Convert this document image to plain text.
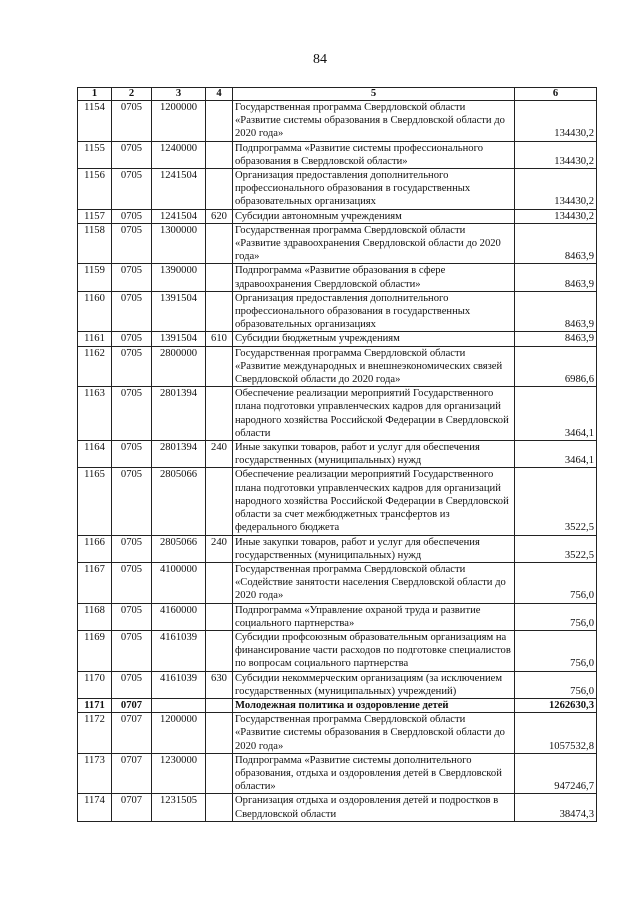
84
1	2	3	4	5	6
1154	0705	1200000		Государственная программа Свердловской области «Развитие системы образования в Свердловской области до 2020 года»	134430,2
1155	0705	1240000		Подпрограмма «Развитие системы профессионального образования в Свердловской области»	134430,2
1156	0705	1241504		Организация предоставления дополнительного профессионального образования в государственных образовательных организациях	134430,2
1157	0705	1241504	620	Субсидии автономным учреждениям	134430,2
1158	0705	1300000		Государственная программа Свердловской области «Развитие здравоохранения Свердловской области до 2020 года»	8463,9
1159	0705	1390000		Подпрограмма «Развитие образования в сфере здравоохранения Свердловской области»	8463,9
1160	0705	1391504		Организация предоставления дополнительного профессионального образования в государственных образовательных организациях	8463,9
1161	0705	1391504	610	Субсидии бюджетным учреждениям	8463,9
1162	0705	2800000		Государственная программа Свердловской области «Развитие международных и внешнеэкономических связей Свердловской области до 2020 года»	6986,6
1163	0705	2801394		Обеспечение реализации мероприятий Государственного плана подготовки управленческих кадров для организаций народного хозяйства Российской Федерации в Свердловской области	3464,1
1164	0705	2801394	240	Иные закупки товаров, работ и услуг для обеспечения государственных (муниципальных) нужд	3464,1
1165	0705	2805066		Обеспечение реализации мероприятий Государственного плана подготовки управленческих кадров для организаций народного хозяйства Российской Федерации в Свердловской области за счет межбюджетных трансфертов из федерального бюджета	3522,5
1166	0705	2805066	240	Иные закупки товаров, работ и услуг для обеспечения государственных (муниципальных) нужд	3522,5
1167	0705	4100000		Государственная программа Свердловской области «Содействие занятости населения Свердловской области до 2020 года»	756,0
1168	0705	4160000		Подпрограмма «Управление охраной труда и развитие социального партнерства»	756,0
1169	0705	4161039		Субсидии профсоюзным образовательным организациям на финансирование части расходов по подготовке специалистов по вопросам социального партнерства	756,0
1170	0705	4161039	630	Субсидии некоммерческим организациям (за исключением государственных (муниципальных) учреждений)	756,0
1171	0707			Молодежная политика и оздоровление детей	1262630,3
1172	0707	1200000		Государственная программа Свердловской области «Развитие системы образования в Свердловской области до 2020 года»	1057532,8
1173	0707	1230000		Подпрограмма «Развитие системы дополнительного образования, отдыха и оздоровления детей в Свердловской области»	947246,7
1174	0707	1231505		Организация отдыха и оздоровления детей и подростков в Свердловской области	38474,3
